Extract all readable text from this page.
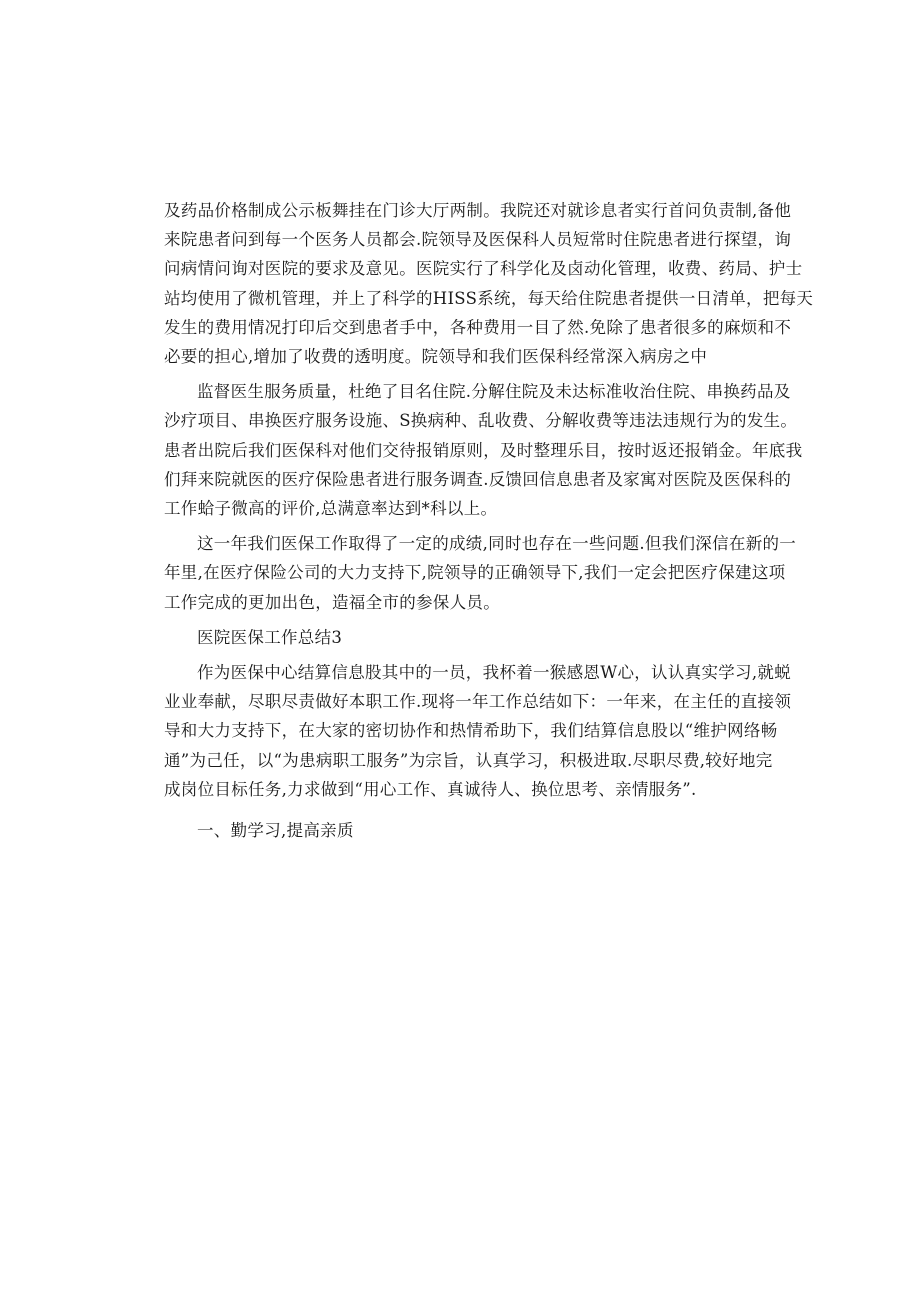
及药品价格制成公示板舞挂在门诊大厅两制。我院还对就诊息者实行首问负责制,备他
来院患者问到每一个医务人员都会.院领导及医保科人员短常时住院患者进行探望，询
问病情问询对医院的要求及意见。医院实行了科学化及卤动化管理，收费、药局、护士
站均使用了微机管理，并上了科学的HISS系统，每天给住院患者提供一日清单，把每天
发生的费用情况打印后交到患者手中，各种费用一目了然.免除了患者很多的麻烦和不
必要的担心,增加了收费的透明度。院领导和我们医保科经常深入病房之中

监督医生服务质量，杜绝了目名住院.分解住院及未达标准收治住院、串换药品及
沙疗项目、串换医疗服务设施、S换病种、乱收费、分解收费等违法违规行为的发生。
患者出院后我们医保科对他们交待报销原则，及时整理乐目，按时返还报销金。年底我
们拜来院就医的医疗保险患者进行服务调查.反馈回信息患者及家寓对医院及医保科的
工作蛤子微高的评价,总满意率达到*科以上。

这一年我们医保工作取得了一定的成绩,同时也存在一些问题.但我们深信在新的一
年里,在医疗保险公司的大力支持下,院领导的正确领导下,我们一定会把医疗保建这项
工作完成的更加出色，造福全市的参保人员。

医院医保工作总结3

作为医保中心结算信息股其中的一员，我杯着一猴感恩W心，认认真实学习,就蜕
业业奉献，尽职尽责做好本职工作.现将一年工作总结如下：一年来，在主任的直接领
导和大力支持下，在大家的密切协作和热情希助下，我们结算信息股以“维护网络畅
通”为己任，以“为患病职工服务”为宗旨，认真学习，积极进取.尽职尽费,较好地完
成岗位目标任务,力求做到“用心工作、真诚待人、换位思考、亲情服务”.

一、勤学习,提高亲质
